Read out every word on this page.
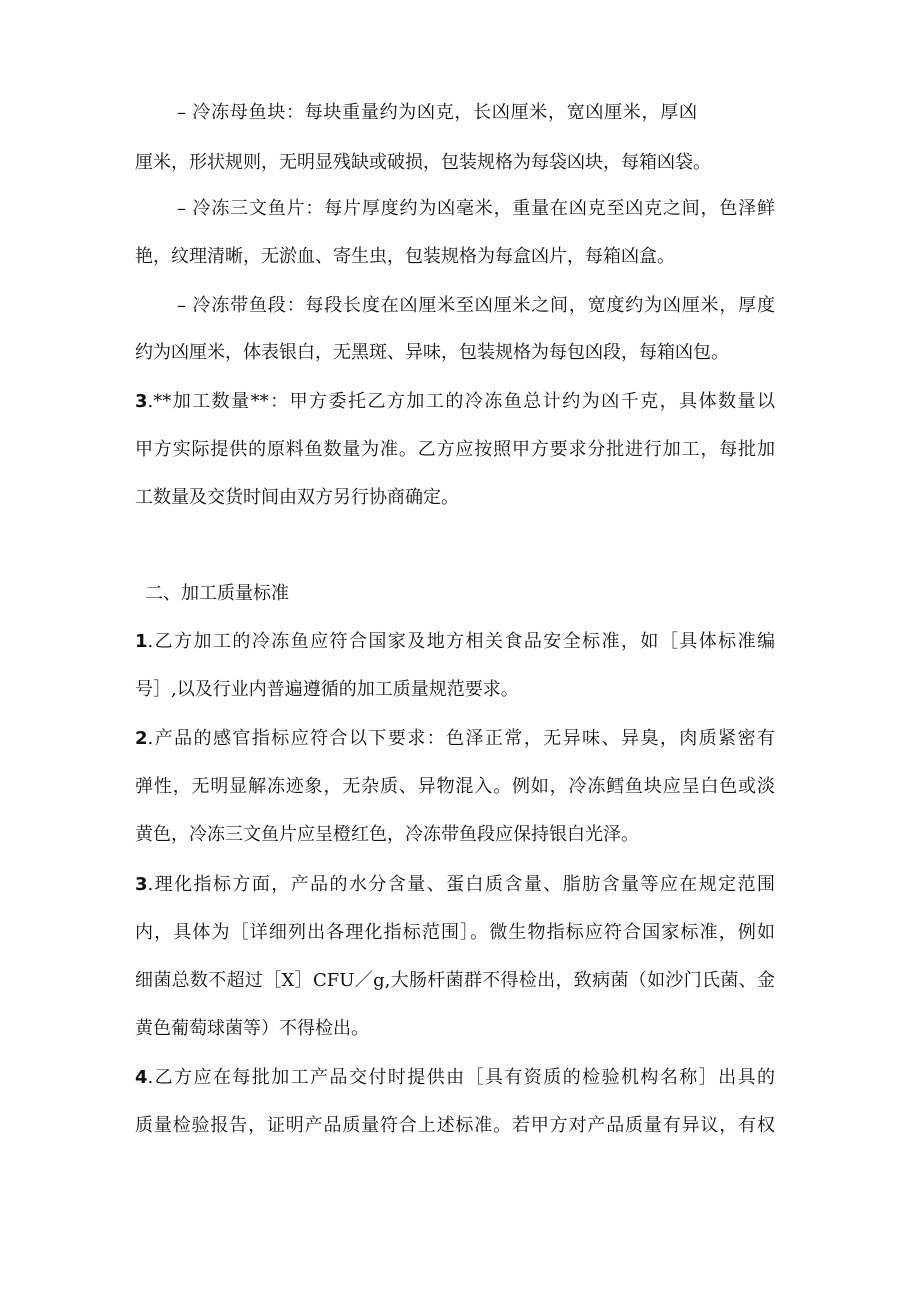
– 冷冻母鱼块：每块重量约为凶克，长凶厘米，宽凶厘米，厚凶
厘米，形状规则，无明显残缺或破损，包装规格为每袋凶块，每箱凶袋。
– 冷冻三文鱼片：每片厚度约为凶毫米，重量在凶克至凶克之间，色泽鲜
艳，纹理清晰，无淤血、寄生虫，包装规格为每盒凶片，每箱凶盒。
– 冷冻带鱼段：每段长度在凶厘米至凶厘米之间，宽度约为凶厘米，厚度
约为凶厘米，体表银白，无黑斑、异味，包装规格为每包凶段，每箱凶包。
3 .**加工数量**：甲方委托乙方加工的冷冻鱼总计约为凶千克，具体数量以
甲方实际提供的原料鱼数量为准。乙方应按照甲方要求分批进行加工，每批加
工数量及交货时间由双方另行协商确定。
二、加工质量标准
1 .乙方加工的冷冻鱼应符合国家及地方相关食品安全标准，如［具体标准编
号］,以及行业内普遍遵循的加工质量规范要求。
2 .产品的感官指标应符合以下要求：色泽正常，无异味、异臭，肉质紧密有
弹性，无明显解冻迹象，无杂质、异物混入。例如，冷冻鳕鱼块应呈白色或淡
黄色，冷冻三文鱼片应呈橙红色，冷冻带鱼段应保持银白光泽。
3 .理化指标方面，产品的水分含量、蛋白质含量、脂肪含量等应在规定范围
内，具体为［详细列出各理化指标范围］。微生物指标应符合国家标准，例如
细菌总数不超过［X］CFU／g,大肠杆菌群不得检出，致病菌（如沙门氏菌、金
黄色葡萄球菌等）不得检出。
4 .乙方应在每批加工产品交付时提供由［具有资质的检验机构名称］出具的
质量检验报告，证明产品质量符合上述标准。若甲方对产品质量有异议，有权
